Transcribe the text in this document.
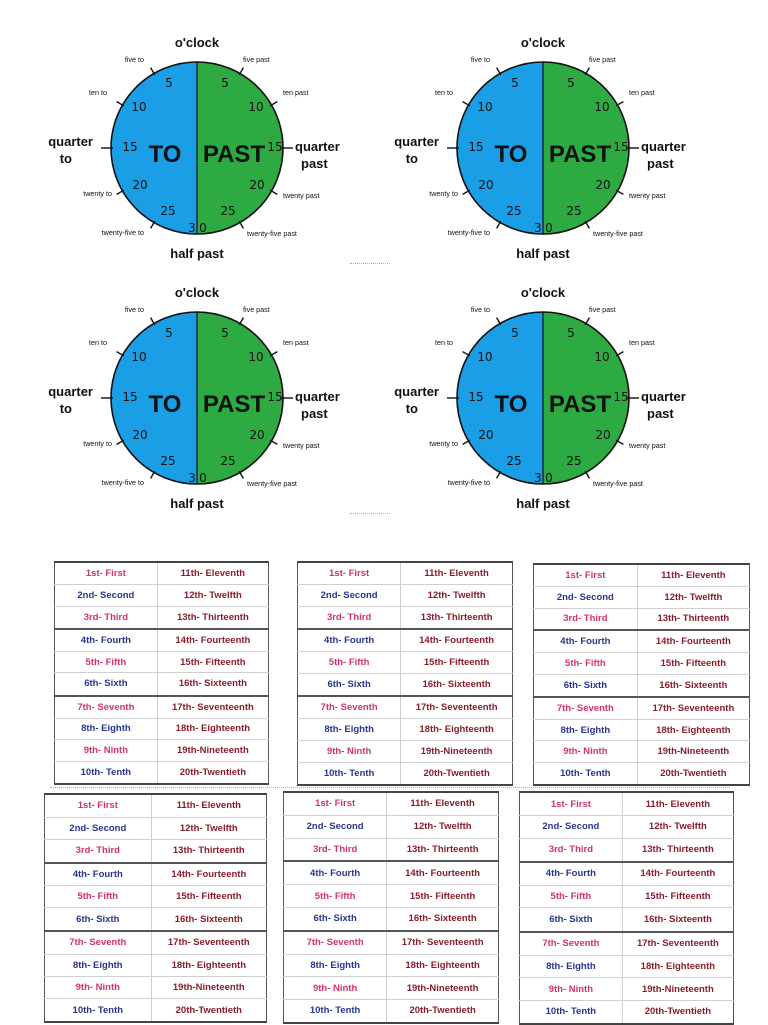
o'clock
half past
TO PAST
quarter
to
quarter
past
five to
ten to
twenty to
twenty-five to
five past
ten past
twenty past
twenty-five past
5
10
15
20
25
3
5
10
15
20
25
0
o'clock
half past
TO PAST
quarter
to
quarter
past
five to
ten to
twenty to
twenty-five to
five past
ten past
twenty past
twenty-five past
5
10
15
20
25
3
5
10
15
20
25
0
o'clock
half past
TO PAST
quarter
to
quarter
past
five to
ten to
twenty to
twenty-five to
five past
ten past
twenty past
twenty-five past
5
10
15
20
25
3
5
10
15
20
25
0
o'clock
half past
TO PAST
quarter
to
quarter
past
five to
ten to
twenty to
twenty-five to
five past
ten past
twenty past
twenty-five past
5
10
15
20
25
3
5
10
15
20
25
0
1st- First	11th- Eleventh
2nd- Second	12th- Twelfth
3rd- Third	13th- Thirteenth
4th- Fourth	14th- Fourteenth
5th- Fifth	15th- Fifteenth
6th- Sixth	16th- Sixteenth
7th- Seventh	17th- Seventeenth
8th- Eighth	18th- Eighteenth
9th- Ninth	19th-Nineteenth
10th- Tenth	20th-Twentieth
1st- First	11th- Eleventh
2nd- Second	12th- Twelfth
3rd- Third	13th- Thirteenth
4th- Fourth	14th- Fourteenth
5th- Fifth	15th- Fifteenth
6th- Sixth	16th- Sixteenth
7th- Seventh	17th- Seventeenth
8th- Eighth	18th- Eighteenth
9th- Ninth	19th-Nineteenth
10th- Tenth	20th-Twentieth
1st- First	11th- Eleventh
2nd- Second	12th- Twelfth
3rd- Third	13th- Thirteenth
4th- Fourth	14th- Fourteenth
5th- Fifth	15th- Fifteenth
6th- Sixth	16th- Sixteenth
7th- Seventh	17th- Seventeenth
8th- Eighth	18th- Eighteenth
9th- Ninth	19th-Nineteenth
10th- Tenth	20th-Twentieth
1st- First	11th- Eleventh
2nd- Second	12th- Twelfth
3rd- Third	13th- Thirteenth
4th- Fourth	14th- Fourteenth
5th- Fifth	15th- Fifteenth
6th- Sixth	16th- Sixteenth
7th- Seventh	17th- Seventeenth
8th- Eighth	18th- Eighteenth
9th- Ninth	19th-Nineteenth
10th- Tenth	20th-Twentieth
1st- First	11th- Eleventh
2nd- Second	12th- Twelfth
3rd- Third	13th- Thirteenth
4th- Fourth	14th- Fourteenth
5th- Fifth	15th- Fifteenth
6th- Sixth	16th- Sixteenth
7th- Seventh	17th- Seventeenth
8th- Eighth	18th- Eighteenth
9th- Ninth	19th-Nineteenth
10th- Tenth	20th-Twentieth
1st- First	11th- Eleventh
2nd- Second	12th- Twelfth
3rd- Third	13th- Thirteenth
4th- Fourth	14th- Fourteenth
5th- Fifth	15th- Fifteenth
6th- Sixth	16th- Sixteenth
7th- Seventh	17th- Seventeenth
8th- Eighth	18th- Eighteenth
9th- Ninth	19th-Nineteenth
10th- Tenth	20th-Twentieth
